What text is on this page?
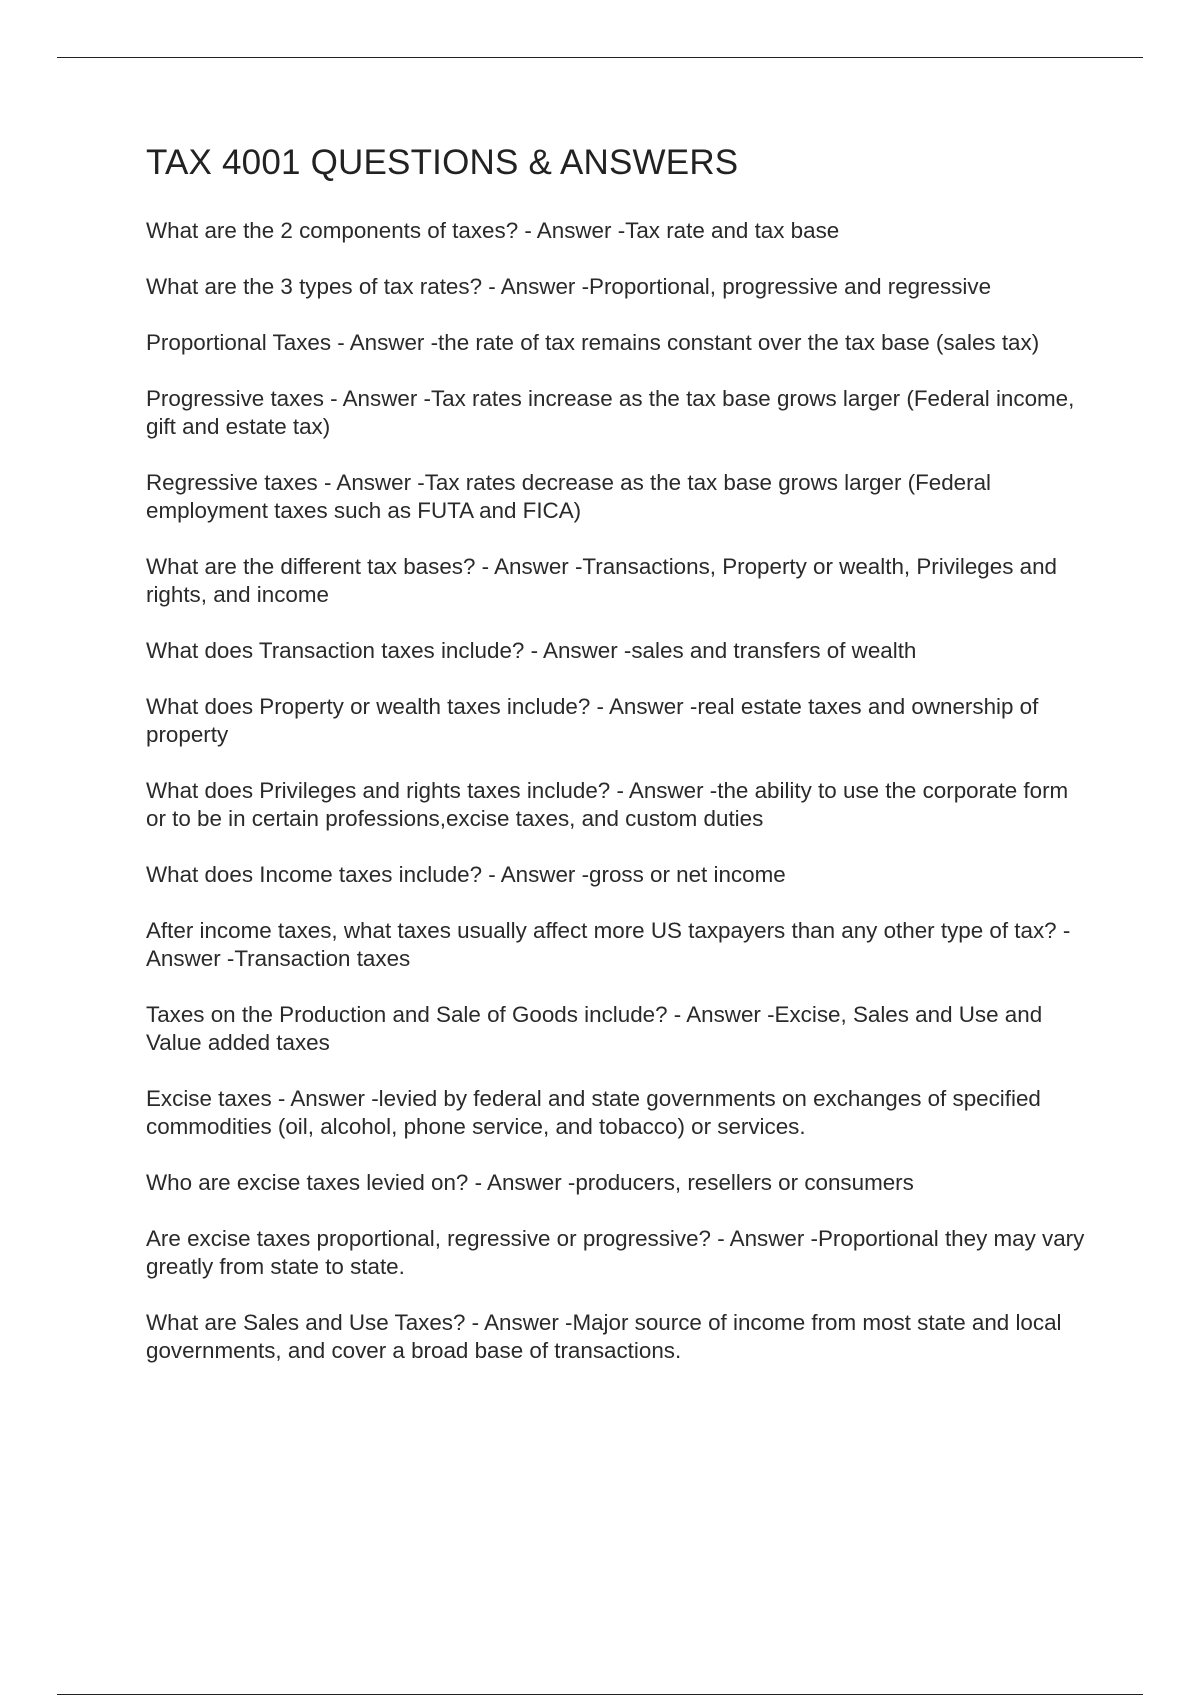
TAX 4001 QUESTIONS & ANSWERS

What are the 2 components of taxes? - Answer -Tax rate and tax base

What are the 3 types of tax rates? - Answer -Proportional, progressive and regressive

Proportional Taxes - Answer -the rate of tax remains constant over the tax base (sales tax)

Progressive taxes - Answer -Tax rates increase as the tax base grows larger (Federal income, gift and estate tax)

Regressive taxes - Answer -Tax rates decrease as the tax base grows larger (Federal employment taxes such as FUTA and FICA)

What are the different tax bases? - Answer -Transactions, Property or wealth, Privileges and rights, and income

What does Transaction taxes include? - Answer -sales and transfers of wealth

What does Property or wealth taxes include? - Answer -real estate taxes and ownership of property

What does Privileges and rights taxes include? - Answer -the ability to use the corporate form or to be in certain professions,excise taxes, and custom duties

What does Income taxes include? - Answer -gross or net income

After income taxes, what taxes usually affect more US taxpayers than any other type of tax? - Answer -Transaction taxes

Taxes on the Production and Sale of Goods include? - Answer -Excise, Sales and Use and Value added taxes

Excise taxes - Answer -levied by federal and state governments on exchanges of specified commodities (oil, alcohol, phone service, and tobacco) or services.

Who are excise taxes levied on? - Answer -producers, resellers or consumers

Are excise taxes proportional, regressive or progressive? - Answer -Proportional they may vary greatly from state to state.

What are Sales and Use Taxes? - Answer -Major source of income from most state and local governments, and cover a broad base of transactions.
